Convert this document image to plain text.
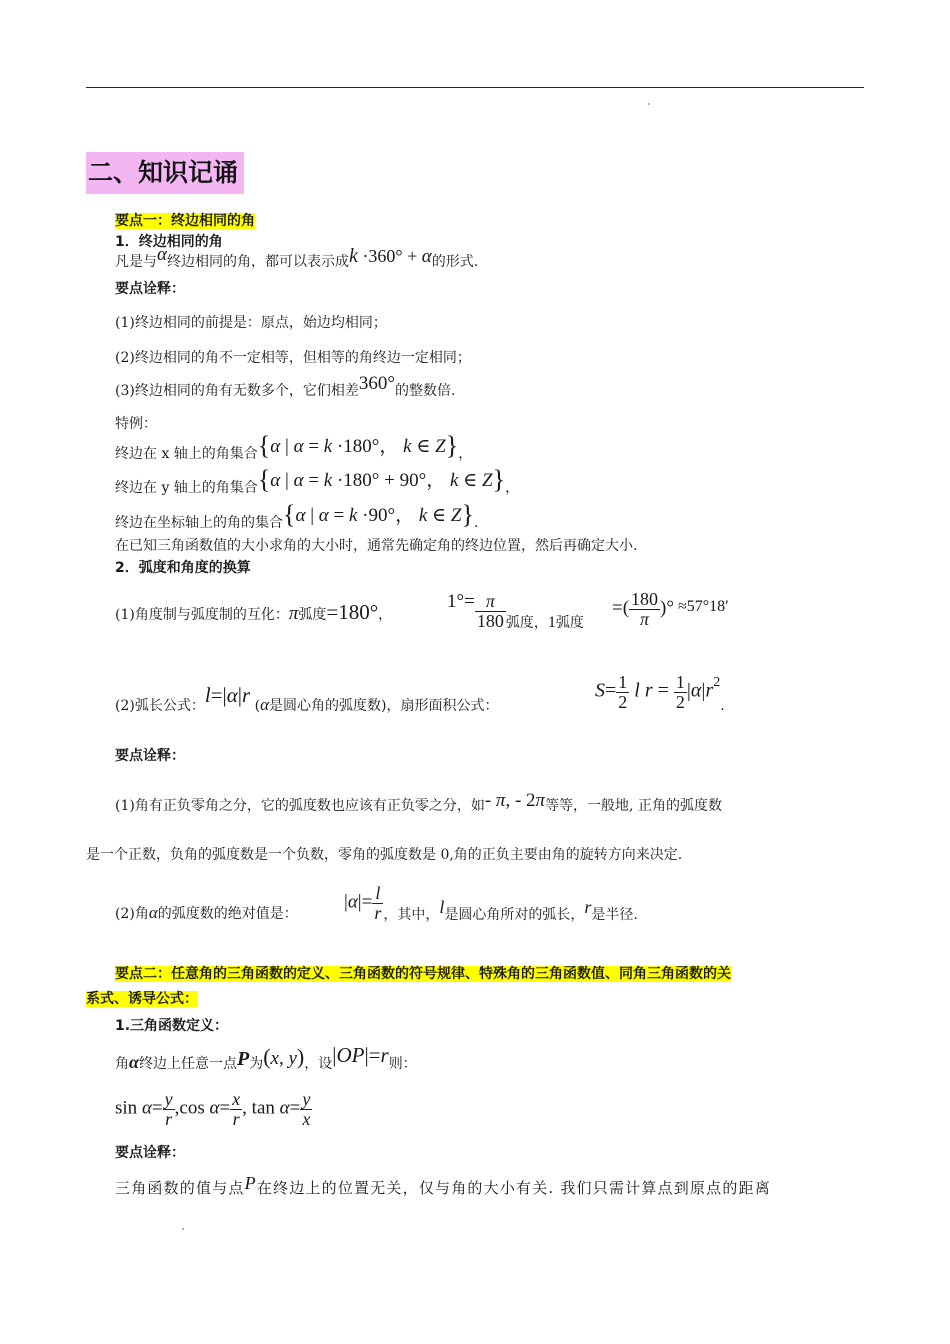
二、知识记诵
要点一：终边相同的角
1．终边相同的角
凡是与α终边相同的角，都可以表示成k ·360° + α的形式.
要点诠释：
(1)终边相同的前提是：原点，始边均相同；
(2)终边相同的角不一定相等，但相等的角终边一定相同；
(3)终边相同的角有无数多个，它们相差360°的整数倍.
特例：
终边在 x 轴上的角集合{α | α = k ·180°， k ∈ Z}，
终边在 y 轴上的角集合{α | α = k ·180° + 90°， k ∈ Z}，
终边在坐标轴上的角的集合{α | α = k ·90°， k ∈ Z}.
在已知三角函数值的大小求角的大小时，通常先确定角的终边位置，然后再确定大小.
2．弧度和角度的换算
(1)角度制与弧度制的互化：π弧度=180°，
$1^\circ= \frac{\pi}{180}$ 弧度，1弧度
=( $\frac{180}{\pi}$ )° ≈57°18′
(2)弧长公式：l=|α|r (α是圆心角的弧度数)，扇形面积公式：
$S= \frac{1}{2}$ l $r = \frac{1}{2} |\alpha|r2$.
要点诠释：
(1)角有正负零角之分，它的弧度数也应该有正负零之分，如- π, - 2π等等，一般地, 正角的弧度数
是一个正数，负角的弧度数是一个负数，零角的弧度数是 0,角的正负主要由角的旋转方向来决定.
(2)角α的弧度数的绝对值是：
$|\alpha|= \frac{l}{r}$ ，其中，l是圆心角所对的弧长，r是半径.
要点二：任意角的三角函数的定义、三角函数的符号规律、特殊角的三角函数值、同角三角函数的关
系式、诱导公式：
1.三角函数定义：
角α终边上任意一点P为(x, y)，设|OP|=r则：
$\sin \alpha= \frac{y}{r} ,\cos$ $\alpha= \frac{x}{r}$ , $\tan \alpha= \frac{y}{x}$
要点诠释：
三角函数的值与点P在终边上的位置无关，仅与角的大小有关. 我们只需计算点到原点的距离
